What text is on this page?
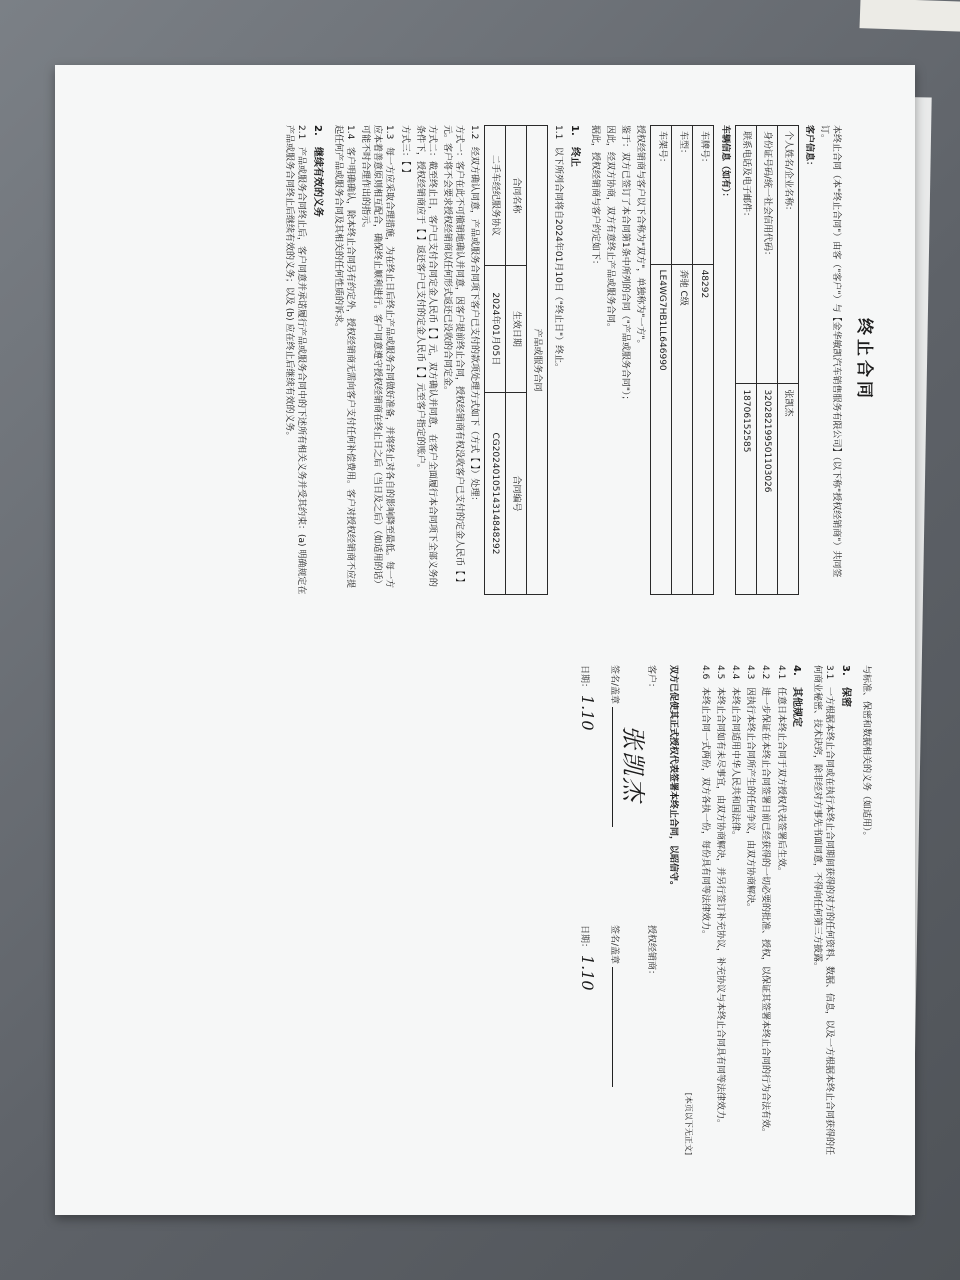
终止合同
本终止合同（本"终止合同"）由客（"客户"）与【金华敏凯汽车销售服务有限公司】（以下称"授权经销商"）共同签订。
客户信息：
个人姓名/企业名称：	张凯杰
身份证号码/统一社会信用代码：	320282199501103026
联系电话及电子邮件：	18706152585
车辆信息（如有）：
车牌号：	48292
车型：	奔驰 C级
车架号：	LE4WG7HB1LL646990
授权经销商与客户以下合称为"双方"，单独称为"一方"。
鉴于：双方已签订了本合同第1条中所列的合同（"产品或服务合同"）；
因此，经双方协商，双方有意终止产品或服务合同。
据此，授权经销商与客户约定如下：
1.终止
1.1以下所列合同将自2024年01月10日（"终止日"）终止。
产品或服务合同		
合同名称	生效日期	合同编号
二手车经纪服务协议	2024年01月05日	CG20240105143148482​92
1.2经双方确认同意，产品或服务合同项下客户已支付的款项处理方式如下（方式【 】）处理：
方式一：客户在此不可撤销地确认并同意，因客户提前终止合同，授权经销商有权没收客户已支付的定金人民币【 】元。客户将不会要求授权经销商以任何形式返还已没收的合同定金。
方式二：截至终止日，客户已支付合同定金人民币【 】元，双方确认并同意，在客户全面履行本合同项下全部义务的条件下，授权经销商应于【 】返还客户已支付的定金人民币【 】元至客户指定的账户。
方式三：【 】
1.3每一方应采取合理措施，为在终止日后终止产品或服务合同做好准备，并将终止对各自的影响降至最低。每一方应本着善意原则相互配合，确保终止顺利进行。客户同意遵守授权经销商在终止日之后（当日及之后）（如适用的话）可能不时合理作出的指示。
1.4客户明确确认，除本终止合同另有约定外，授权经销商无需向客户支付任何补偿费用。客户对授权经销商不应提起任何产品或服务合同及其相关的任何性质的诉求。
2.继续有效的义务
2.1产品或服务合同终止后，客户同意并承诺履行产品或服务合同中的下述所有相关义务并受其约束：(a) 明确规定在产品或服务合同终止后继续有效的义务；以及 (b) 应在终止后继续有效的义务。
与标准、保密和数据相关的义务（如适用）。
3.保密
3.1一方根据本终止合同或在执行本终止合同期间获得的对方的任何资料、数据、信息，以及一方根据本终止合同获得的任何商业秘密、技术诀窍，除非经对方事先书面同意，不得向任何第三方披露。
4.其他规定
4.1任意日本终止合同于双方授权代表签署后生效。
4.2进一步保证在本终止合同签署日前已经获得的一切必要的批准、授权，以保证其签署本终止合同的行为合法有效。
4.3因执行本终止合同所产生的任何争议，由双方协商解决。
4.4本终止合同适用中华人民共和国法律。
4.5本终止合同如有未尽事宜，由双方协商解决，并另行签订补充协议，补充协议与本终止合同具有同等法律效力。
4.6本终止合同一式两份，双方各执一份，每份具有同等法律效力。
[本页以下无正文]
双方已促使其正式授权代表签署本终止合同，以昭信守。
客户：
张凯杰
签名/盖章
日期： 1.10
授权经销商：
签名/盖章
日期： 1.10
